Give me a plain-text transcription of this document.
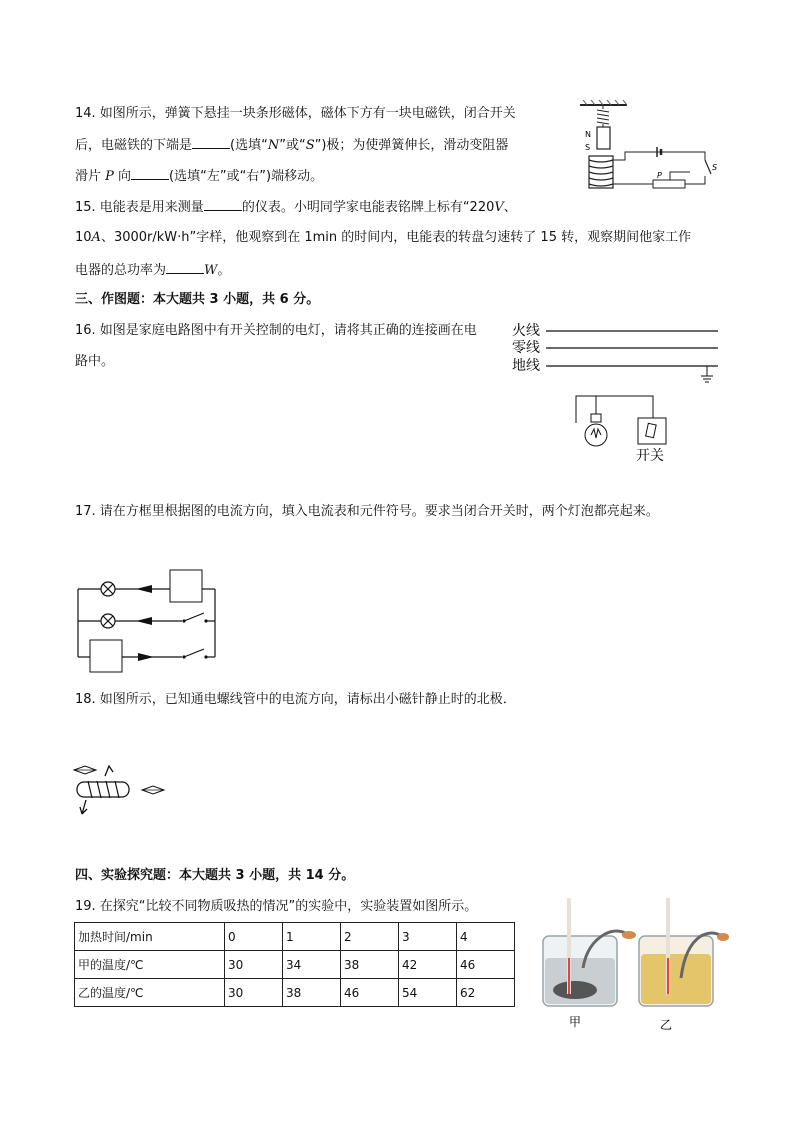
14. 如图所示，弹簧下悬挂一块条形磁体，磁体下方有一块电磁铁，闭合开关
后，电磁铁的下端是	(选填“N”或“S”)极；为使弹簧伸长，滑动变阻器
滑片 P 向	(选填“左”或“右”)端移动。
N
S
S
P
15. 电能表是用来测量	的仪表。小明同学家电能表铭牌上标有“220V、
10A、3000r/kW·h”字样，他观察到在 1min 的时间内，电能表的转盘匀速转了 15 转，观察期间他家工作
电器的总功率为	W。
三、作图题：本大题共 3 小题，共 6 分。
16. 如图是家庭电路图中有开关控制的电灯，请将其正确的连接画在电
路中。
火线
零线
地线
开关
17. 请在方框里根据图的电流方向，填入电流表和元件符号。要求当闭合开关时，两个灯泡都亮起来。
18. 如图所示，已知通电螺线管中的电流方向，请标出小磁针静止时的北极．
四、实验探究题：本大题共 3 小题，共 14 分。
19. 在探究“比较不同物质吸热的情况”的实验中，实验装置如图所示。
加热时间/min	0	1	2	3	4
甲的温度/℃	30	34	38	42	46
乙的温度/℃	30	38	46	54	62
甲	乙
